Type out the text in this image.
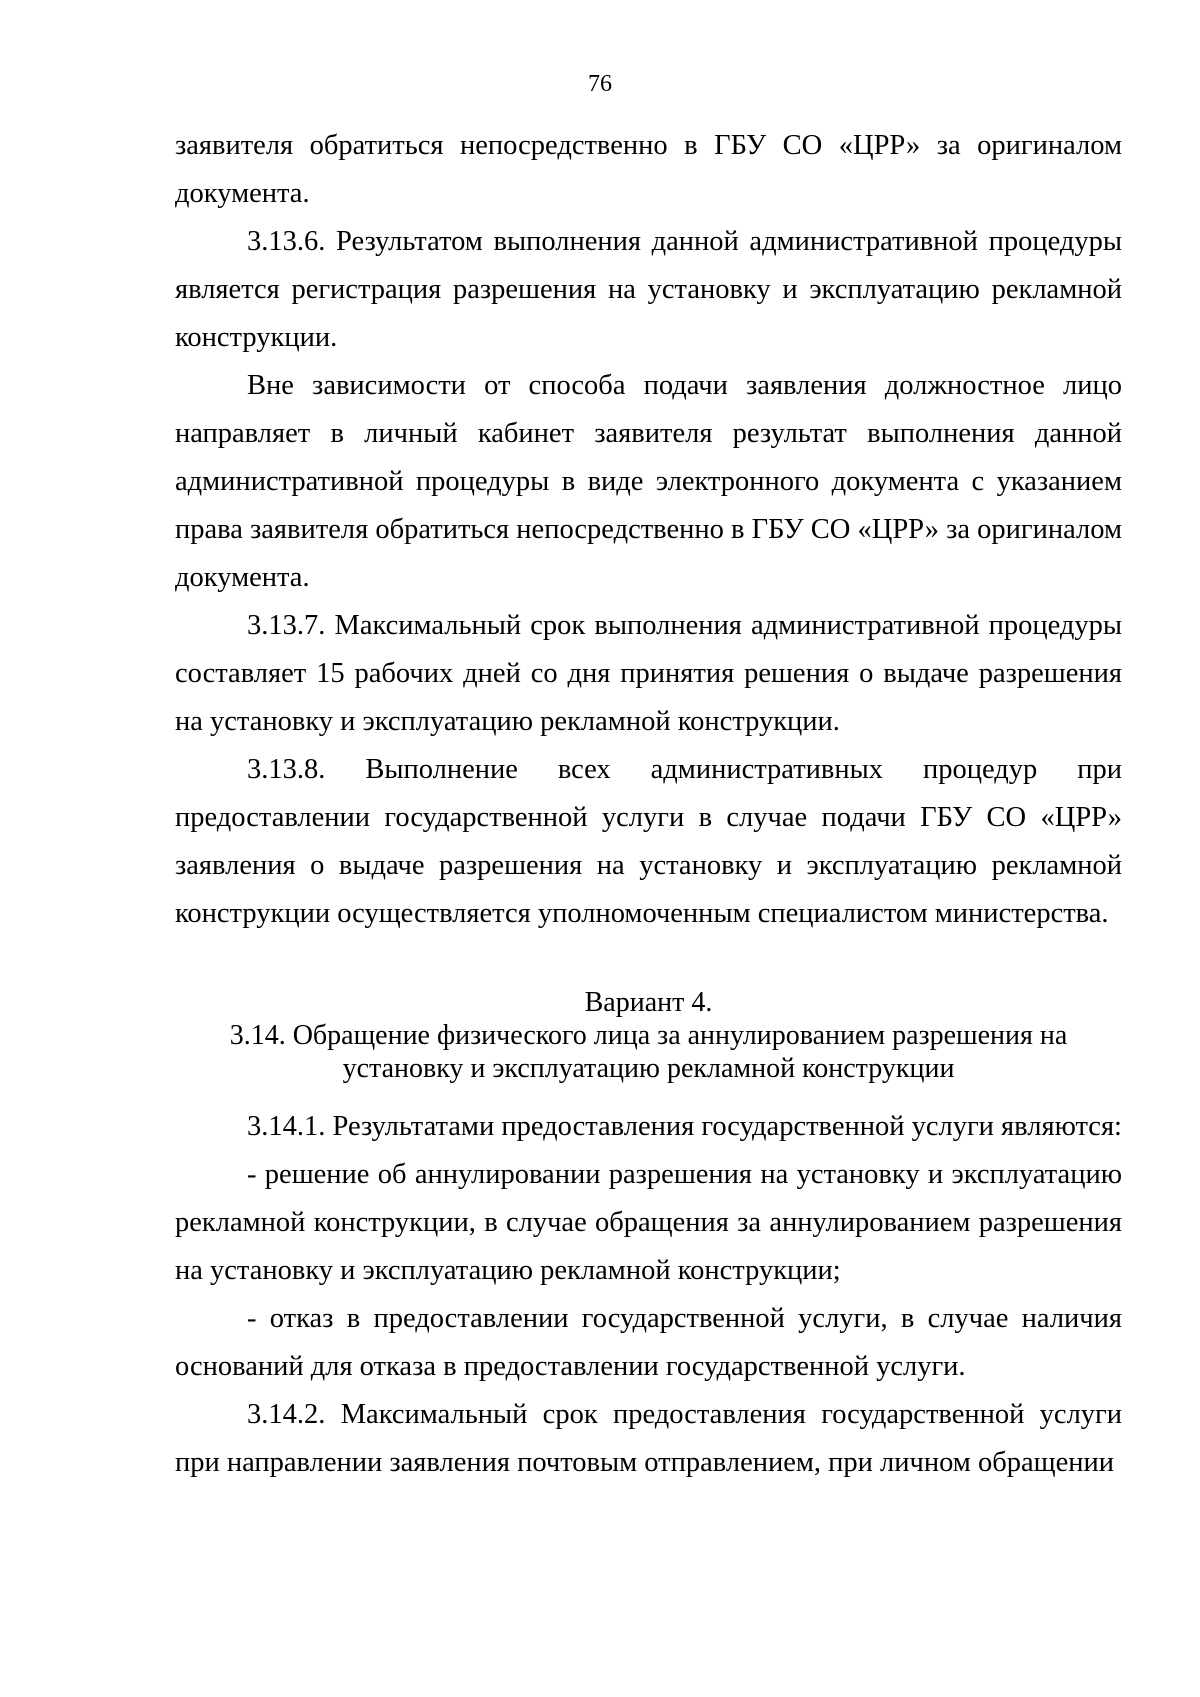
76

заявителя обратиться непосредственно в ГБУ СО «ЦРР» за оригиналом документа.

3.13.6. Результатом выполнения данной административной процедуры является регистрация разрешения на установку и эксплуатацию рекламной конструкции.

Вне зависимости от способа подачи заявления должностное лицо направляет в личный кабинет заявителя результат выполнения данной административной процедуры в виде электронного документа с указанием права заявителя обратиться непосредственно в ГБУ СО «ЦРР» за оригиналом документа.

3.13.7. Максимальный срок выполнения административной процедуры составляет 15 рабочих дней со дня принятия решения о выдаче разрешения на установку и эксплуатацию рекламной конструкции.

3.13.8. Выполнение всех административных процедур при предоставлении государственной услуги в случае подачи ГБУ СО «ЦРР» заявления о выдаче разрешения на установку и эксплуатацию рекламной конструкции осуществляется уполномоченным специалистом министерства.

Вариант 4.
3.14. Обращение физического лица за аннулированием разрешения на
установку и эксплуатацию рекламной конструкции

3.14.1. Результатами предоставления государственной услуги являются:

- решение об аннулировании разрешения на установку и эксплуатацию рекламной конструкции, в случае обращения за аннулированием разрешения на установку и эксплуатацию рекламной конструкции;

- отказ в предоставлении государственной услуги, в случае наличия оснований для отказа в предоставлении государственной услуги.

3.14.2. Максимальный срок предоставления государственной услуги при направлении заявления почтовым отправлением, при личном обращении
